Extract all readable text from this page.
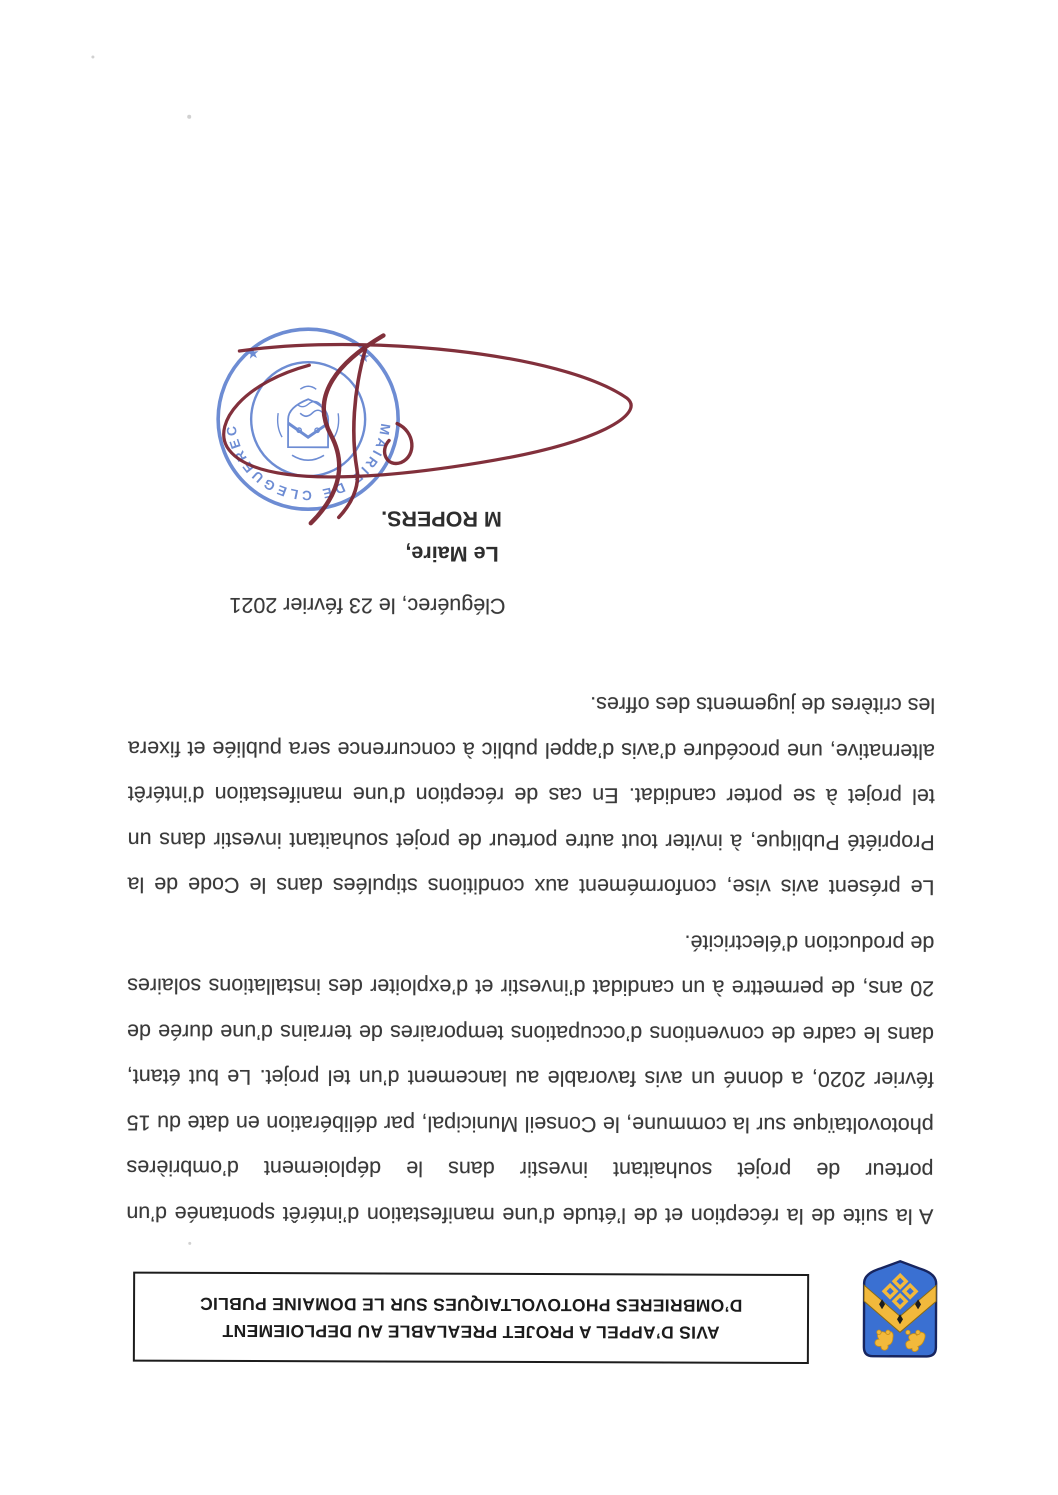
AVIS D’APPEL A PROJET PREALABLE AU DEPLOIEMENT
D’OMBRIERES PHOTOVOLTAIQUES SUR LE DOMAINE PUBLIC
A la suite de la réception et de l’étude d’une manifestation d’intérêt spontanée d’un
porteur de projet souhaitant investir dans le déploiement d’ombrières
photovoltaïque sur la commune, le Conseil Municipal, par délibération en date du 15
février 2020, a donné un avis favorable au lancement d’un tel projet. Le but étant,
dans le cadre de conventions d’occupations temporaires de terrains d’une durée de
20 ans, de permettre à un candidat d’investir et d’exploiter des installations solaires
de production d’électricité.
Le présent avis vise, conformément aux conditions stipulées dans le Code de la
Propriété Publique, à inviter tout autre porteur de projet souhaitant investir dans un
tel projet à se porter candidat. En cas de réception d’une manifestation d’intérêt
alternative, une procédure d’avis d’appel public à concurrence sera publiée et fixera
les critères de jugements des offres.
Cléguérec, le 23 février 2021
Le Maire,
M ROPERS.
MAIRIE DE CLEGUEREC
★
★
